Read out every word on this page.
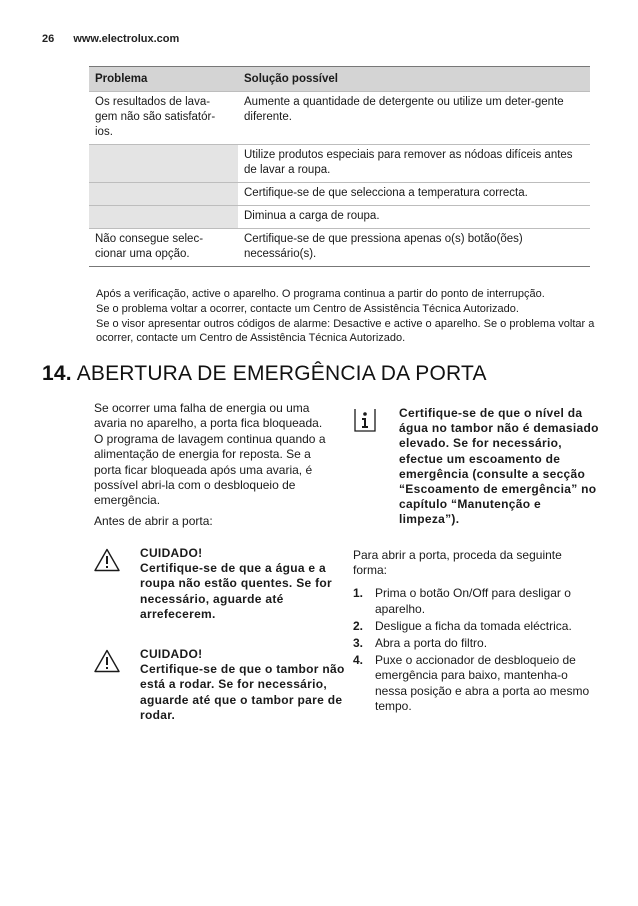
26 www.electrolux.com
Problema	Solução possível
Os resultados de lava-gem não são satisfatór-ios.	Aumente a quantidade de detergente ou utilize um deter-gente diferente.
	Utilize produtos especiais para remover as nódoas difíceis antes de lavar a roupa.
	Certifique-se de que selecciona a temperatura correcta.
	Diminua a carga de roupa.
Não consegue selec-cionar uma opção.	Certifique-se de que pressiona apenas o(s) botão(ões) necessário(s).

Após a verificação, active o aparelho. O programa continua a partir do ponto de interrupção.

Se o problema voltar a ocorrer, contacte um Centro de Assistência Técnica Autorizado.

Se o visor apresentar outros códigos de alarme: Desactive e active o aparelho. Se o problema voltar a ocorrer, contacte um Centro de Assistência Técnica Autorizado.

14. ABERTURA DE EMERGÊNCIA DA PORTA

Se ocorrer uma falha de energia ou uma avaria no aparelho, a porta fica bloqueada. O programa de lavagem continua quando a alimentação de energia for reposta. Se a porta ficar bloqueada após uma avaria, é possível abri-la com o desbloqueio de emergência.

Antes de abrir a porta:

CUIDADO!
Certifique-se de que a água e a roupa não estão quentes. Se for necessário, aguarde até arrefecerem.
CUIDADO!
Certifique-se de que o tambor não está a rodar. Se for necessário, aguarde até que o tambor pare de rodar.
Certifique-se de que o nível da água no tambor não é demasiado elevado. Se for necessário, efectue um escoamento de emergência (consulte a secção “Escoamento de emergência” no capítulo “Manutenção e limpeza”).

Para abrir a porta, proceda da seguinte forma:

1. Prima o botão On/Off para desligar o aparelho.
2. Desligue a ficha da tomada eléctrica.
3. Abra a porta do filtro.
4. Puxe o accionador de desbloqueio de emergência para baixo, mantenha-o nessa posição e abra a porta ao mesmo tempo.
